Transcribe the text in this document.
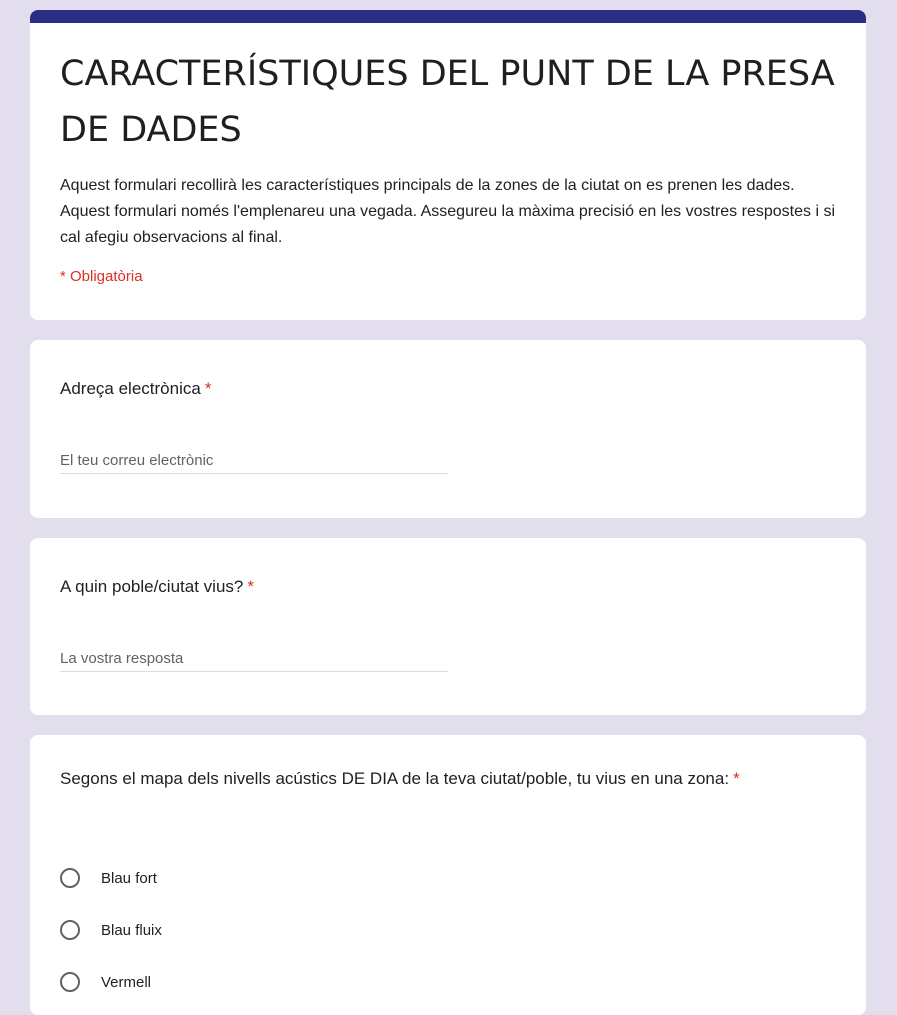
CARACTERÍSTIQUES DEL PUNT DE LA PRESA DE DADES

Aquest formulari recollirà les característiques principals de la zones de la ciutat on es prenen les dades. Aquest formulari només l'emplenareu una vegada. Assegureu la màxima precisió en les vostres respostes i si cal afegiu observacions al final.

* Obligatòria
Adreça electrònica *
El teu correu electrònic
A quin poble/ciutat vius? *
La vostra resposta
Segons el mapa dels nivells acústics DE DIA de la teva ciutat/poble, tu vius en una zona: *
Blau fort
Blau fluix
Vermell
